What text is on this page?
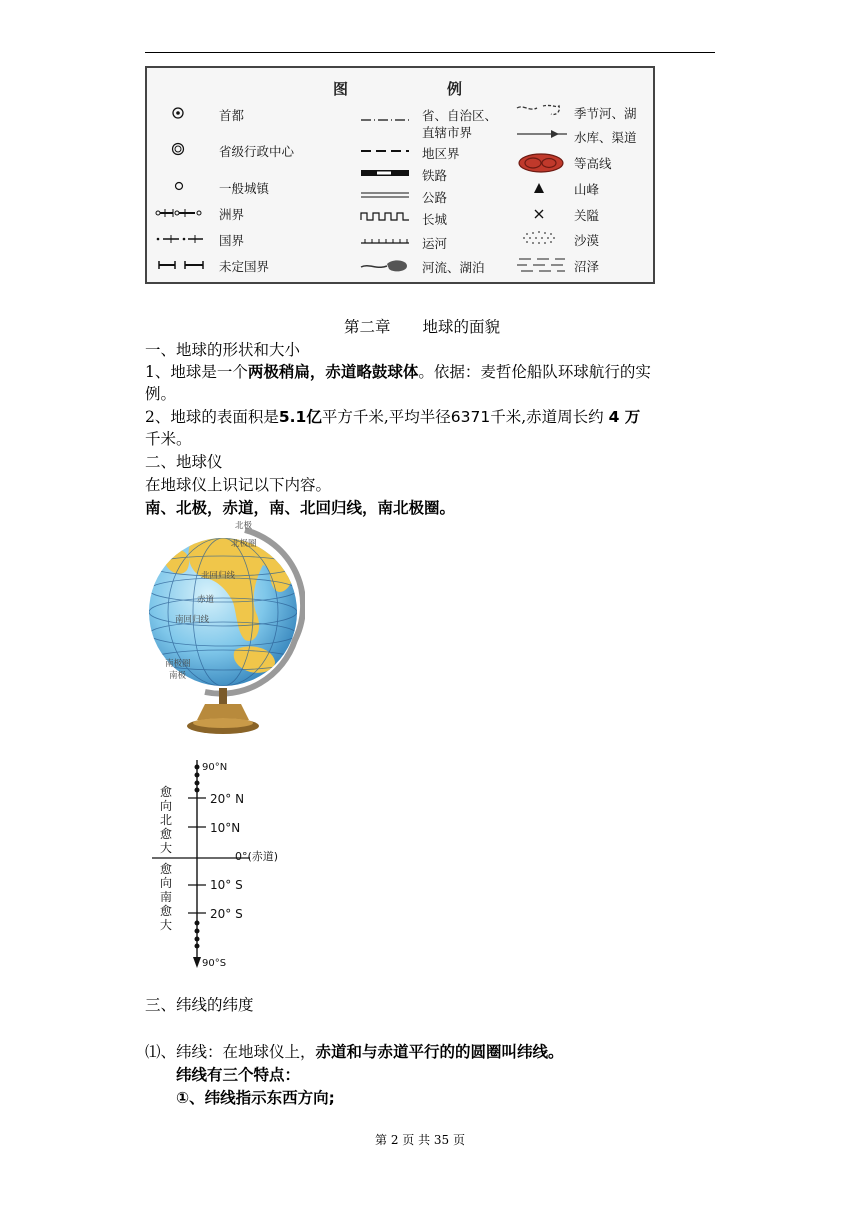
图	例
首都
省级行政中心
一般城镇
洲界
国界
未定国界
省、自治区、
直辖市界
地区界
铁路
公路
长城
运河
河流、湖泊
季节河、湖
水库、渠道
等高线
山峰
关隘
沙漠
沼泽
第二章 地球的面貌
一、地球的形状和大小
1、地球是一个两极稍扁，赤道略鼓球体。依据：麦哲伦船队环球航行的实
例。
2、地球的表面积是5.1亿平方千米,平均半径6371千米,赤道周长约 4 万
千米。
二、地球仪
在地球仪上识记以下内容。
南、北极，赤道，南、北回归线，南北极圈。
北极
北极圈
北回归线
赤道
南回归线
南极圈
南极
90°N
20° N
10°N
0°(赤道)
10° S
20° S
90°S
愈
向
北
愈
大
愈
向
南
愈
大
三、纬线的纬度
⑴、纬线：在地球仪上，赤道和与赤道平行的的圆圈叫纬线。
纬线有三个特点：
①、纬线指示东西方向;
第 2 页 共 35 页
